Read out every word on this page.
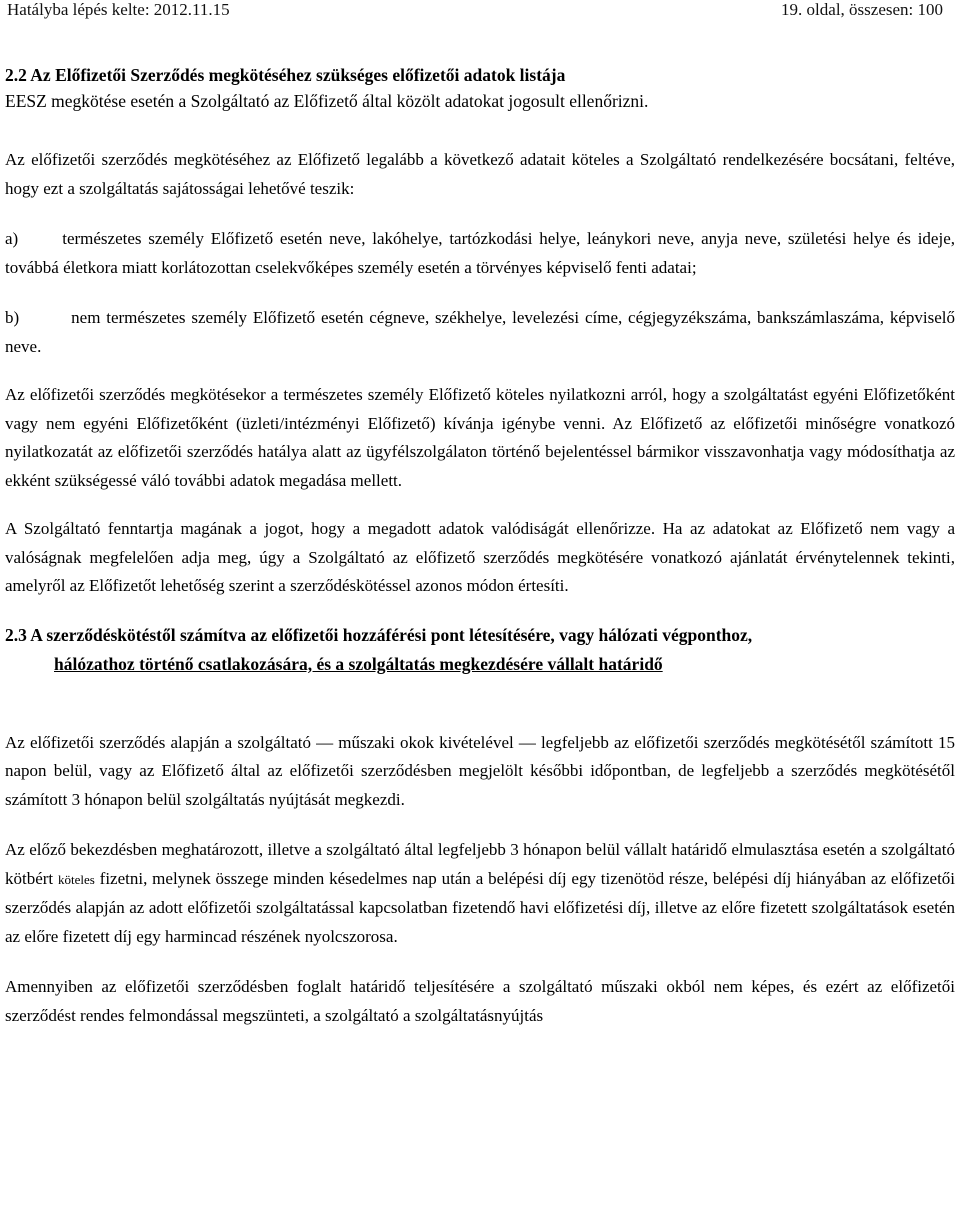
Hatályba lépés kelte: 2012.11.15	19. oldal, összesen: 100
2.2 Az Előfizetői Szerződés megkötéséhez szükséges előfizetői adatok listája
EESZ megkötése esetén a Szolgáltató az Előfizető által közölt adatokat jogosult ellenőrizni.

Az előfizetői szerződés megkötéséhez az Előfizető legalább a következő adatait köteles a Szolgáltató rendelkezésére bocsátani, feltéve, hogy ezt a szolgáltatás sajátosságai lehetővé teszik:

a)	természetes személy Előfizető esetén neve, lakóhelye, tartózkodási helye, leánykori neve, anyja neve, születési helye és ideje, továbbá életkora miatt korlátozottan cselekvőképes személy esetén a törvényes képviselő fenti adatai;

b)	nem természetes személy Előfizető esetén cégneve, székhelye, levelezési címe, cégjegyzékszáma, bankszámlaszáma, képviselő neve.

Az előfizetői szerződés megkötésekor a természetes személy Előfizető köteles nyilatkozni arról, hogy a szolgáltatást egyéni Előfizetőként vagy nem egyéni Előfizetőként (üzleti/intézményi Előfizető) kívánja igénybe venni. Az Előfizető az előfizetői minőségre vonatkozó nyilatkozatát az előfizetői szerződés hatálya alatt az ügyfélszolgálaton történő bejelentéssel bármikor visszavonhatja vagy módosíthatja az ekként szükségessé váló további adatok megadása mellett.

A Szolgáltató fenntartja magának a jogot, hogy a megadott adatok valódiságát ellenőrizze. Ha az adatokat az Előfizető nem vagy a valóságnak megfelelően adja meg, úgy a Szolgáltató az előfizető szerződés megkötésére vonatkozó ajánlatát érvénytelennek tekinti, amelyről az Előfizetőt lehetőség szerint a szerződéskötéssel azonos módon értesíti.

2.3 A szerződéskötéstől számítva az előfizetői hozzáférési pont létesítésére, vagy hálózati végponthoz,
hálózathoz történő csatlakozására, és a szolgáltatás megkezdésére vállalt határidő

Az előfizetői szerződés alapján a szolgáltató ― műszaki okok kivételével ― legfeljebb az előfizetői szerződés megkötésétől számított 15 napon belül, vagy az Előfizető által az előfizetői szerződésben megjelölt későbbi időpontban, de legfeljebb a szerződés megkötésétől számított 3 hónapon belül szolgáltatás nyújtását megkezdi.

Az előző bekezdésben meghatározott, illetve a szolgáltató által legfeljebb 3 hónapon belül vállalt határidő elmulasztása esetén a szolgáltató kötbért köteles fizetni, melynek összege minden késedelmes nap után a belépési díj egy tizenötöd része, belépési díj hiányában az előfizetői szerződés alapján az adott előfizetői szolgáltatással kapcsolatban fizetendő havi előfizetési díj, illetve az előre fizetett szolgáltatások esetén az előre fizetett díj egy harmincad részének nyolcszorosa.

Amennyiben az előfizetői szerződésben foglalt határidő teljesítésére a szolgáltató műszaki okból nem képes, és ezért az előfizetői szerződést rendes felmondással megszünteti, a szolgáltató a szolgáltatásnyújtás
